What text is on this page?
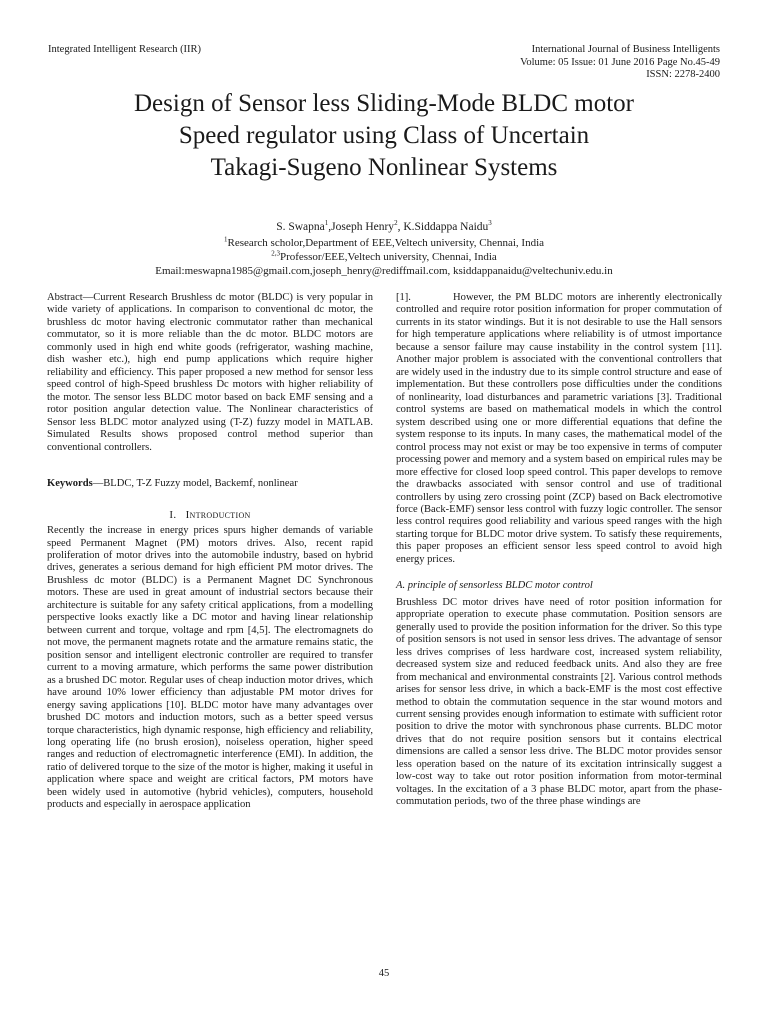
Integrated Intelligent Research (IIR)	International Journal of Business Intelligents
Volume: 05 Issue: 01 June 2016 Page No.45-49
ISSN: 2278-2400
Design of Sensor less Sliding-Mode BLDC motor
Speed regulator using Class of Uncertain
Takagi-Sugeno Nonlinear Systems
S. Swapna$^1$,Joseph Henry$^2$, K.Siddappa Naidu$^3$
$^1$Research scholor,Department of EEE,Veltech university, Chennai, India
$^{2,3}$Professor/EEE,Veltech university, Chennai, India
Email:meswapna1985@gmail.com,joseph_henry@rediffmail.com, ksiddappanaidu@veltechuniv.edu.in

Abstract—Current Research Brushless dc motor (BLDC) is very popular in wide variety of applications. In comparison to conventional dc motor, the brushless dc motor having electronic commutator rather than mechanical commutator, so it is more reliable than the dc motor. BLDC motors are commonly used in high end white goods (refrigerator, washing machine, dish washer etc.), high end pump applications which require higher reliability and efficiency. This paper proposed a new method for sensor less speed control of high-Speed brushless Dc motors with higher reliability of the motor. The sensor less BLDC motor based on back EMF sensing and a rotor position angular detection value. The Nonlinear characteristics of Sensor less BLDC motor analyzed using (T-Z) fuzzy model in MATLAB. Simulated Results shows proposed control method superior than conventional controllers.

Keywords—BLDC, T-Z Fuzzy model, Backemf, nonlinear

I. Introduction

Recently the increase in energy prices spurs higher demands of variable speed Permanent Magnet (PM) motors drives. Also, recent rapid proliferation of motor drives into the automobile industry, based on hybrid drives, generates a serious demand for high efficient PM motor drives. The Brushless dc motor (BLDC) is a Permanent Magnet DC Synchronous motors. These are used in great amount of industrial sectors because their architecture is suitable for any safety critical applications, from a modelling perspective looks exactly like a DC motor and having linear relationship between current and torque, voltage and rpm [4,5]. The electromagnets do not move, the permanent magnets rotate and the armature remains static, the position sensor and intelligent electronic controller are required to transfer current to a moving armature, which performs the same power distribution as a brushed DC motor. Regular uses of cheap induction motor drives, which have around 10% lower efficiency than adjustable PM motor drives for energy saving applications [10]. BLDC motor have many advantages over brushed DC motors and induction motors, such as a better speed versus torque characteristics, high dynamic response, high efficiency and reliability, long operating life (no brush erosion), noiseless operation, higher speed ranges and reduction of electromagnetic interference (EMI). In addition, the ratio of delivered torque to the size of the motor is higher, making it useful in application where space and weight are critical factors, PM motors have been widely used in automotive (hybrid vehicles), computers, household products and especially in aerospace application

[1].          However, the PM BLDC motors are inherently electronically controlled and require rotor position information for proper commutation of currents in its stator windings. But it is not desirable to use the Hall sensors for high temperature applications where reliability is of utmost importance because a sensor failure may cause instability in the control system [11]. Another major problem is associated with the conventional controllers that are widely used in the industry due to its simple control structure and ease of implementation. But these controllers pose difficulties under the conditions of nonlinearity, load disturbances and parametric variations [3]. Traditional control systems are based on mathematical models in which the control system described using one or more differential equations that define the system response to its inputs. In many cases, the mathematical model of the control process may not exist or may be too expensive in terms of computer processing power and memory and a system based on empirical rules may be more effective for closed loop speed control. This paper develops to remove the drawbacks associated with sensor control and use of traditional controllers by using zero crossing point (ZCP) based on Back electromotive force (Back-EMF) sensor less control with fuzzy logic controller. The sensor less control requires good reliability and various speed ranges with the high starting torque for BLDC motor drive system. To satisfy these requirements, this paper proposes an efficient sensor less speed control to avoid high energy prices.

A. principle of sensorless BLDC motor control

Brushless DC motor drives have need of rotor position information for appropriate operation to execute phase commutation. Position sensors are generally used to provide the position information for the driver. So this type of position sensors is not used in sensor less drives. The advantage of sensor less drives comprises of less hardware cost, increased system reliability, decreased system size and reduced feedback units. And also they are free from mechanical and environmental constraints [2]. Various control methods arises for sensor less drive, in which a back-EMF is the most cost effective method to obtain the commutation sequence in the star wound motors and current sensing provides enough information to estimate with sufficient rotor position to drive the motor with synchronous phase currents. BLDC motor drives that do not require position sensors but it contains electrical dimensions are called a sensor less drive. The BLDC motor provides sensor less operation based on the nature of its excitation intrinsically suggest a low-cost way to take out rotor position information from motor-terminal voltages. In the excitation of a 3 phase BLDC motor, apart from the phase-commutation periods, two of the three phase windings are

45
